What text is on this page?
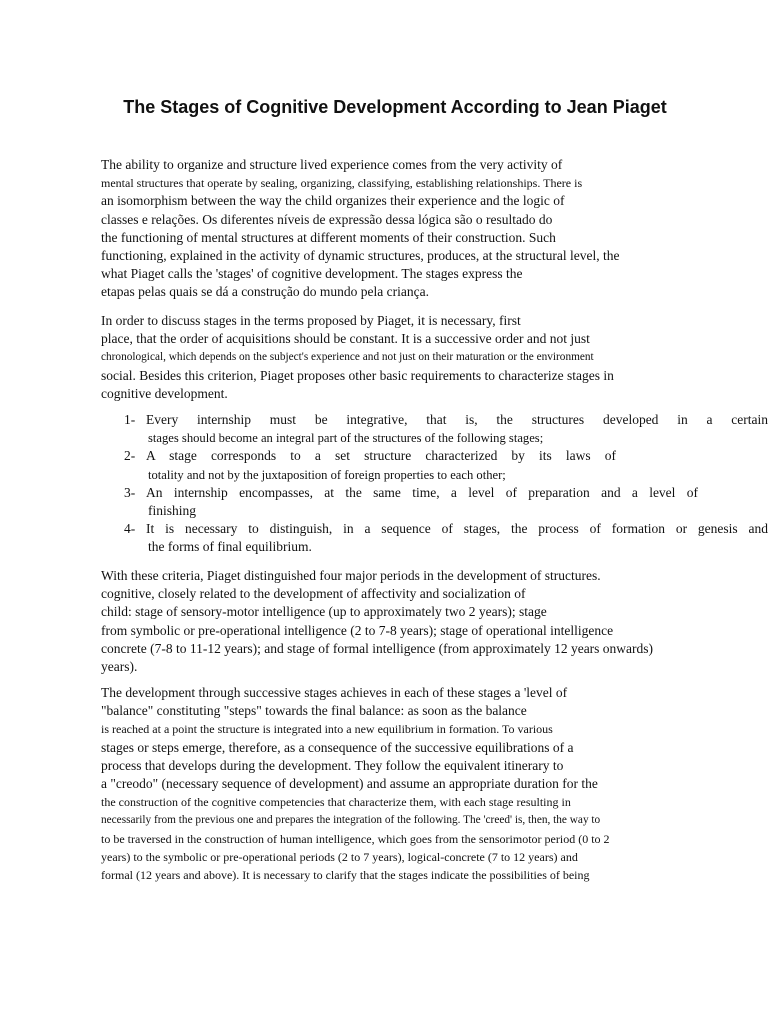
The Stages of Cognitive Development According to Jean Piaget

The ability to organize and structure lived experience comes from the very activity of
mental structures that operate by sealing, organizing, classifying, establishing relationships. There is
an isomorphism between the way the child organizes their experience and the logic of
classes e relações. Os diferentes níveis de expressão dessa lógica são o resultado do
the functioning of mental structures at different moments of their construction. Such
functioning, explained in the activity of dynamic structures, produces, at the structural level, the
what Piaget calls the 'stages' of cognitive development. The stages express the
etapas pelas quais se dá a construção do mundo pela criança.

In order to discuss stages in the terms proposed by Piaget, it is necessary, first
place, that the order of acquisitions should be constant. It is a successive order and not just
chronological, which depends on the subject's experience and not just on their maturation or the environment
social. Besides this criterion, Piaget proposes other basic requirements to characterize stages in
cognitive development.

1- Every internship must be integrative, that is, the structures developed in a certain
stages should become an integral part of the structures of the following stages;
2- A stage corresponds to a set structure characterized by its laws of
totality and not by the juxtaposition of foreign properties to each other;
3- An internship encompasses, at the same time, a level of preparation and a level of
finishing
4- It is necessary to distinguish, in a sequence of stages, the process of formation or genesis and
the forms of final equilibrium.

With these criteria, Piaget distinguished four major periods in the development of structures.
cognitive, closely related to the development of affectivity and socialization of
child: stage of sensory-motor intelligence (up to approximately two 2 years); stage
from symbolic or pre-operational intelligence (2 to 7-8 years); stage of operational intelligence
concrete (7-8 to 11-12 years); and stage of formal intelligence (from approximately 12 years onwards)
years).

The development through successive stages achieves in each of these stages a 'level of
"balance" constituting "steps" towards the final balance: as soon as the balance
is reached at a point the structure is integrated into a new equilibrium in formation. To various
stages or steps emerge, therefore, as a consequence of the successive equilibrations of a
process that develops during the development. They follow the equivalent itinerary to
a "creodo" (necessary sequence of development) and assume an appropriate duration for the
the construction of the cognitive competencies that characterize them, with each stage resulting in
necessarily from the previous one and prepares the integration of the following. The 'creed' is, then, the way to
to be traversed in the construction of human intelligence, which goes from the sensorimotor period (0 to 2
years) to the symbolic or pre-operational periods (2 to 7 years), logical-concrete (7 to 12 years) and
formal (12 years and above). It is necessary to clarify that the stages indicate the possibilities of being
